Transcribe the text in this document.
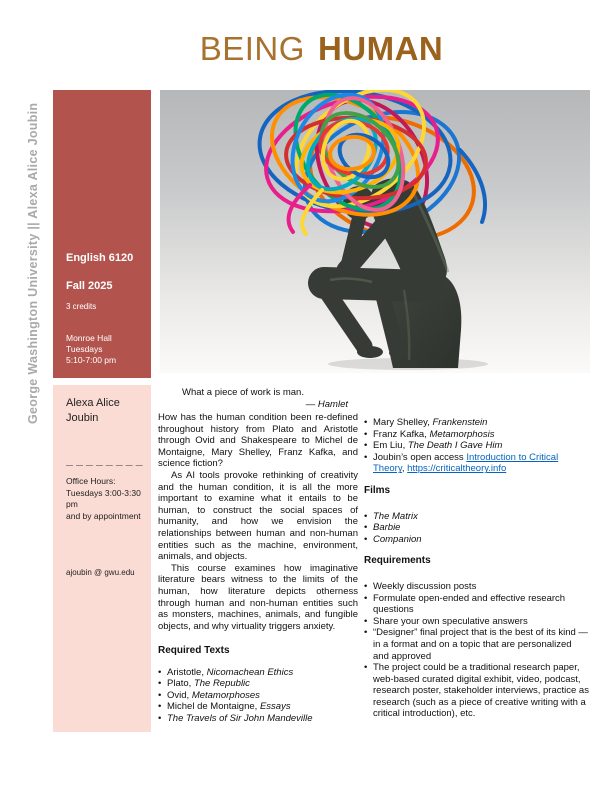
George Washington University || Alexa Alice Joubin
BEING HUMAN
English 6120
Fall 2025
3 credits
Monroe Hall
Tuesdays
5:10-7:00 pm
Alexa Alice
Joubin
— — — — — — — —
Office Hours:
Tuesdays 3:00-3:30 pm
and by appointment
ajoubin @ gwu.edu
What a piece of work is man.
— Hamlet

How has the human condition been re-defined throughout history from Plato and Aristotle through Ovid and Shakespeare to Michel de Montaigne, Mary Shelley, Franz Kafka, and science fiction?

As AI tools provoke rethinking of creativity and the human condition, it is all the more important to examine what it entails to be human, to construct the social spaces of humanity, and how we envision the relationships between human and non-human entities such as the machine, environment, animals, and objects.

This course examines how imaginative literature bears witness to the limits of the human, how literature depicts otherness through human and non-human entities such as monsters, machines, animals, and fungible objects, and why virtuality triggers anxiety.

Required Texts
• Aristotle, Nicomachean Ethics
• Plato, The Republic
• Ovid, Metamorphoses
• Michel de Montaigne, Essays
• The Travels of Sir John Mandeville
• Mary Shelley, Frankenstein
• Franz Kafka, Metamorphosis
• Em Liu, The Death I Gave Him
• Joubin’s open access Introduction to Critical Theory, https://criticaltheory.info
Films
• The Matrix
• Barbie
• Companion
Requirements
• Weekly discussion posts
• Formulate open-ended and effective research questions
• Share your own speculative answers
• “Designer” final project that is the best of its kind — in a format and on a topic that are personalized and approved
• The project could be a traditional research paper, web-based curated digital exhibit, video, podcast, research poster, stakeholder interviews, practice as research (such as a piece of creative writing with a critical introduction), etc.
